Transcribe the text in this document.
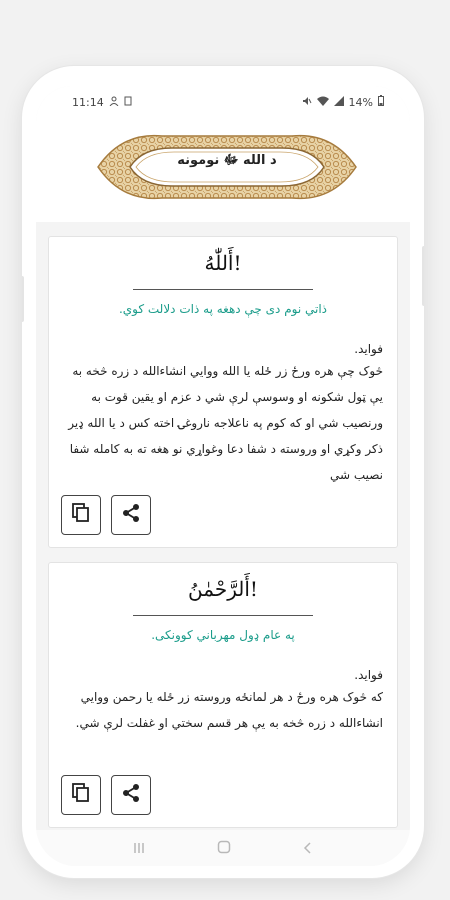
11:14	14%
د الله ﷻ نومونه
أَللّٰهُ!
ذاتي نوم دی چې دهغه په ذات دلالت کوي.
فواید.
څوک چې هره ورځ زر ځله یا الله ووایي انشاءالله د زره څخه به یې ټول شکونه او وسوسې لرې شي د عزم او یقین قوت به ورنصیب شي او که کوم په ناعلاجه ناروغۍ اخته کس د یا الله ډیر ذکر وکړي او وروسته د شفا دعا وغواړي نو هغه ته به کامله شفا نصیب شي
أَلرَّحْمٰنُ!
په عام ډول مهرباني کوونکی.
فواید.
که څوک هره ورځ د هر لمانځه وروسته زر ځله یا رحمن ووایي انشاءالله د زره څخه به یې هر قسم سختي او غفلت لرې شي.
